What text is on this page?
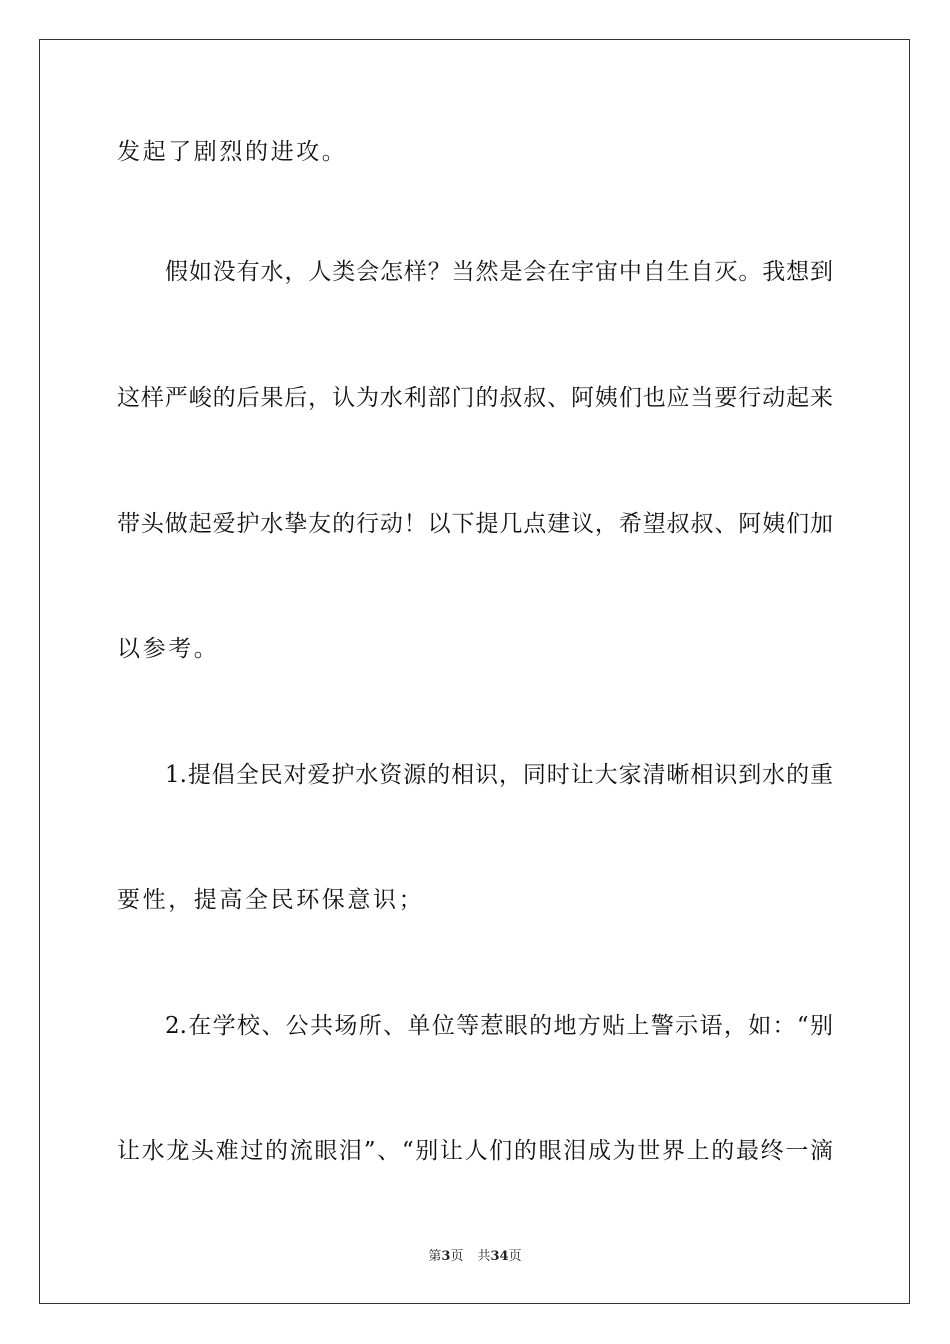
发起了剧烈的进攻。
假如没有水，人类会怎样？当然是会在宇宙中自生自灭。我想到
这样严峻的后果后，认为水利部门的叔叔、阿姨们也应当要行动起来
带头做起爱护水挚友的行动！以下提几点建议，希望叔叔、阿姨们加
以参考。
1.提倡全民对爱护水资源的相识，同时让大家清晰相识到水的重
要性，提高全民环保意识；
2.在学校、公共场所、单位等惹眼的地方贴上警示语，如：“别
让水龙头难过的流眼泪”、“别让人们的眼泪成为世界上的最终一滴
第3页 共34页
